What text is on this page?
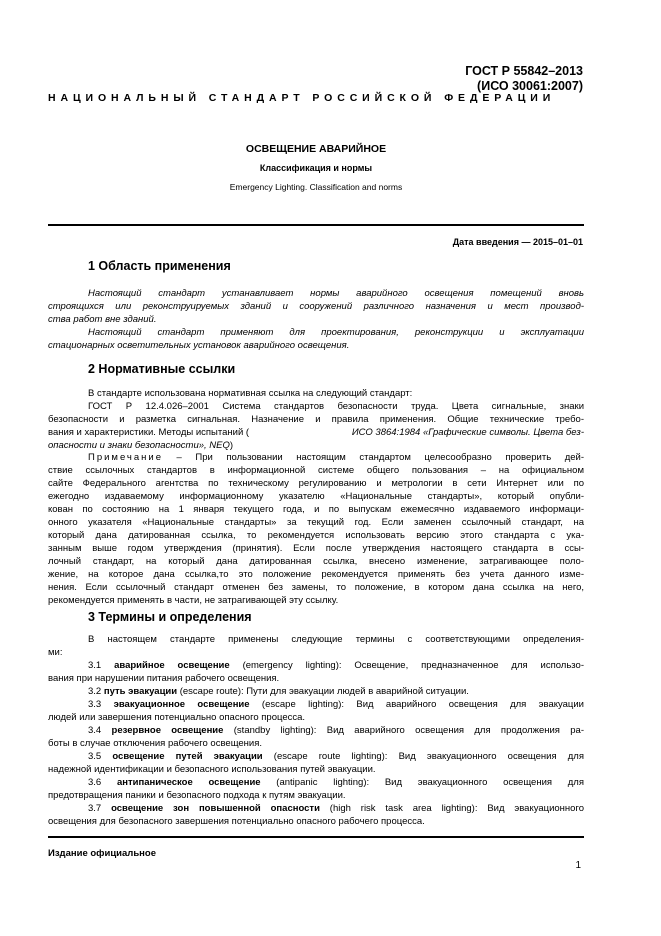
ГОСТ Р 55842–2013
(ИСО 30061:2007)
НАЦИОНАЛЬНЫЙ СТАНДАРТ РОССИЙСКОЙ ФЕДЕРАЦИИ
ОСВЕЩЕНИЕ АВАРИЙНОЕ
Классификация и нормы
Emergency Lighting. Classification and norms
Дата введения — 2015–01–01
1 Область применения
Настоящий стандарт устанавливает нормы аварийного освещения помещений вновь
строящихся или реконструируемых зданий и сооружений различного назначения и мест производ-
ства работ вне зданий.
Настоящий стандарт применяют для проектирования, реконструкции и эксплуатации
стационарных осветительных установок аварийного освещения.
2 Нормативные ссылки
В стандарте использована нормативная ссылка на следующий стандарт:
ГОСТ Р 12.4.026–2001 Система стандартов безопасности труда. Цвета сигнальные, знаки
безопасности и разметка сигнальная. Назначение и правила применения. Общие технические требо-
вания и характеристики. Методы испытаний (	ИСО 3864:1984 «Графические символы. Цвета без-
опасности и знаки безопасности», NEQ)
Примечание – При пользовании настоящим стандартом целесообразно проверить дей-
ствие ссылочных стандартов в информационной системе общего пользования – на официальном
сайте Федерального агентства по техническому регулированию и метрологии в сети Интернет или по
ежегодно издаваемому информационному указателю «Национальные стандарты», который опубли-
кован по состоянию на 1 января текущего года, и по выпускам ежемесячно издаваемого информаци-
онного указателя «Национальные стандарты» за текущий год. Если заменен ссылочный стандарт, на
который дана датированная ссылка, то рекомендуется использовать версию этого стандарта с ука-
занным выше годом утверждения (принятия). Если после утверждения настоящего стандарта в ссы-
лочный стандарт, на который дана датированная ссылка, внесено изменение, затрагивающее поло-
жение, на которое дана ссылка,то это положение рекомендуется применять без учета данного изме-
нения. Если ссылочный стандарт отменен без замены, то положение, в котором дана ссылка на него,
рекомендуется применять в части, не затрагивающей эту ссылку.
3 Термины и определения
В настоящем стандарте применены следующие термины с соответствующими определения-
ми:
3.1 аварийное освещение (emergency lighting): Освещение, предназначенное для использо-
вания при нарушении питания рабочего освещения.
3.2 путь эвакуации (escape route): Пути для эвакуации людей в аварийной ситуации.
3.3 эвакуационное освещение (escape lighting): Вид аварийного освещения для эвакуации
людей или завершения потенциально опасного процесса.
3.4 резервное освещение (standby lighting): Вид аварийного освещения для продолжения ра-
боты в случае отключения рабочего освещения.
3.5 освещение путей эвакуации (escape route lighting): Вид эвакуационного освещения для
надежной идентификации и безопасного использования путей эвакуации.
3.6 антипаническое освещение (antipanic lighting): Вид эвакуационного освещения для
предотвращения паники и безопасного подхода к путям эвакуации.
3.7 освещение зон повышенной опасности (high risk task area lighting): Вид эвакуационного
освещения для безопасного завершения потенциально опасного рабочего процесса.
Издание официальное
1
